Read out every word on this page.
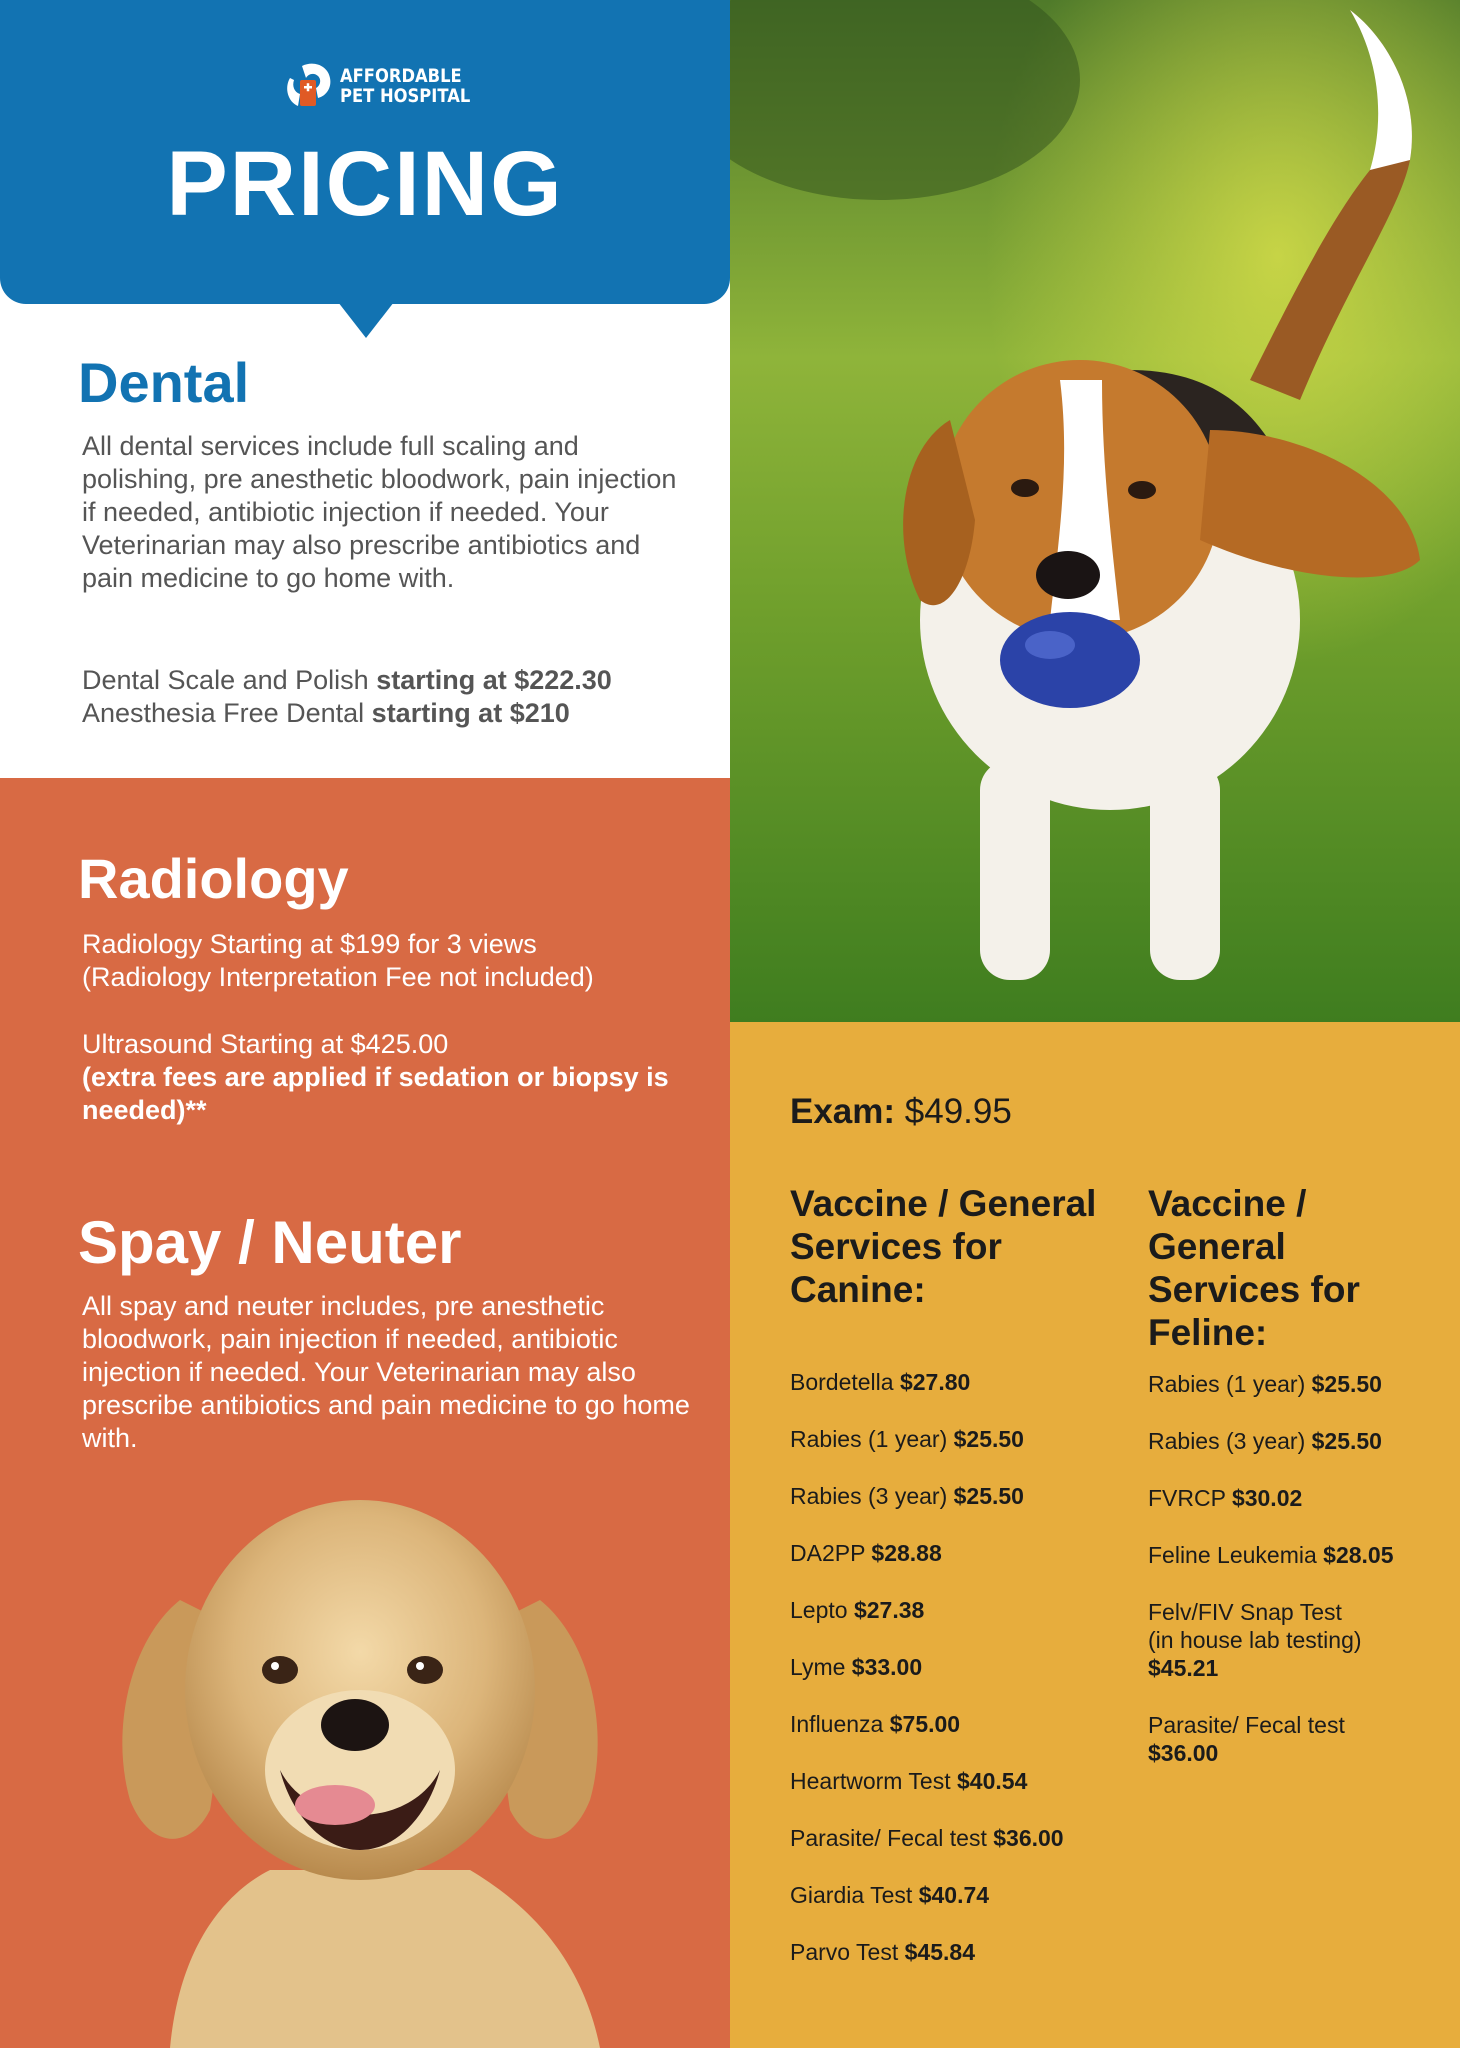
AFFORDABLE
PET HOSPITAL
PRICING
Dental

All dental services include full scaling and polishing, pre anesthetic bloodwork, pain injection if needed, antibiotic injection if needed. Your Veterinarian may also prescribe antibiotics and pain medicine to go home with.

Dental Scale and Polish starting at $222.30
Anesthesia Free Dental starting at $210
Radiology
Radiology Starting at $199 for 3 views
(Radiology Interpretation Fee not included)
Ultrasound Starting at $425.00
(extra fees are applied if sedation or biopsy is needed)**
Spay / Neuter

All spay and neuter includes, pre anesthetic bloodwork, pain injection if needed, antibiotic injection if needed. Your Veterinarian may also prescribe antibiotics and pain medicine to go home with.

Exam: $49.95

Vaccine / General Services for Canine:
Bordetella $27.80
Rabies (1 year) $25.50
Rabies (3 year) $25.50
DA2PP $28.88
Lepto $27.38
Lyme $33.00
Influenza $75.00
Heartworm Test $40.54
Parasite/ Fecal test $36.00
Giardia Test $40.74
Parvo Test $45.84
Vaccine / General Services for Feline:
Rabies (1 year) $25.50
Rabies (3 year) $25.50
FVRCP $30.02
Feline Leukemia $28.05
Felv/FIV Snap Test
(in house lab testing)
$45.21
Parasite/ Fecal test
$36.00
